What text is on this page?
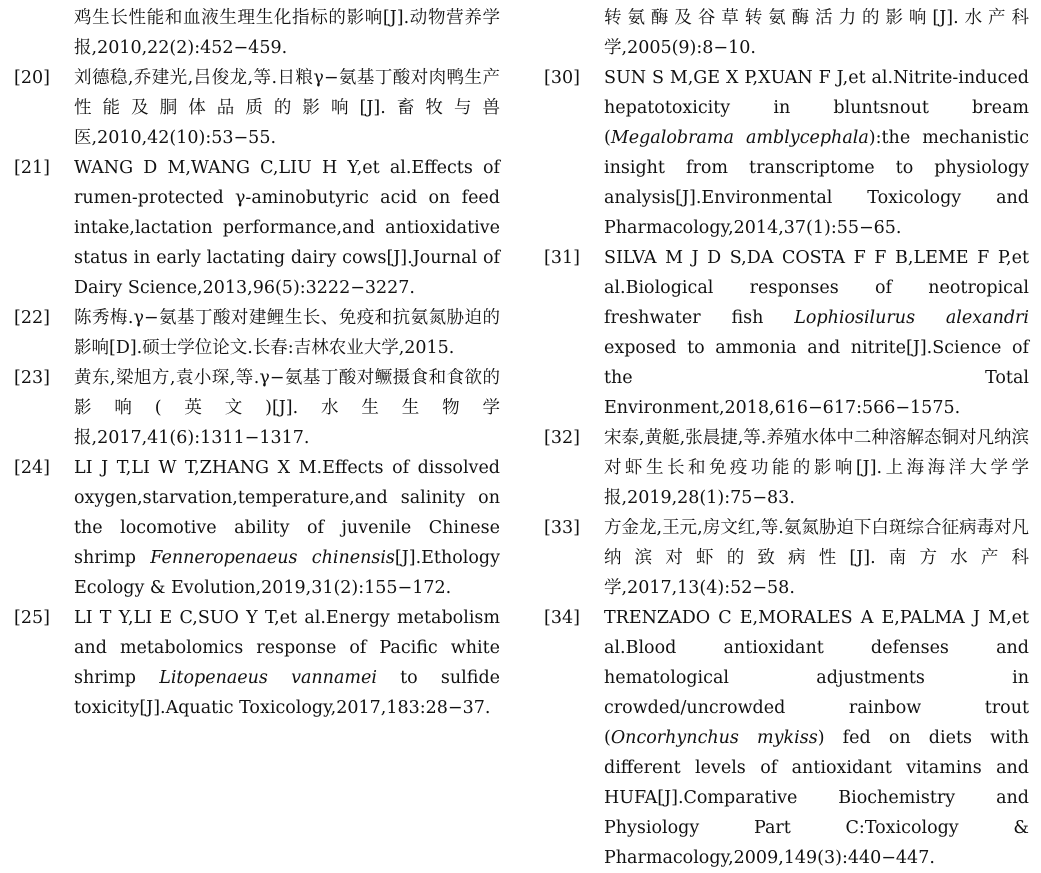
鸡生长性能和血液生理生化指标的影响[J].动物营养学报,2010,22(2):452−459.
[20]	刘德稳,乔建光,吕俊龙,等.日粮γ−氨基丁酸对肉鸭生产性能及胴体品质的影响[J].畜牧与兽医,2010,42(10):53−55.
[21]	WANG D M,WANG C,LIU H Y,et al.Effects of rumen-protected γ-aminobutyric acid on feed intake,lactation performance,and antioxidative status in early lactating dairy cows[J].Journal of Dairy Science,2013,96(5):3222−3227.
[22]	陈秀梅.γ−氨基丁酸对建鲤生长、免疫和抗氨氮胁迫的影响[D].硕士学位论文.长春:吉林农业大学,2015.
[23]	黄东,梁旭方,袁小琛,等.γ−氨基丁酸对鳜摄食和食欲的影响(英文)[J].水生生物学报,2017,41(6):1311−1317.
[24]	LI J T,LI W T,ZHANG X M.Effects of dissolved oxygen,starvation,temperature,and salinity on the locomotive ability of juvenile Chinese shrimp Fenneropenaeus chinensis[J].Ethology Ecology & Evolution,2019,31(2):155−172.
[25]	LI T Y,LI E C,SUO Y T,et al.Energy metabolism and metabolomics response of Pacific white shrimp Litopenaeus vannamei to sulfide toxicity[J].Aquatic Toxicology,2017,183:28−37.
转氨酶及谷草转氨酶活力的影响[J].水产科学,2005(9):8−10.
[30]	SUN S M,GE X P,XUAN F J,et al.Nitrite-induced hepatotoxicity in bluntsnout bream (Megalobrama amblycephala):the mechanistic insight from transcriptome to physiology analysis[J].Environmental Toxicology and Pharmacology,2014,37(1):55−65.
[31]	SILVA M J D S,DA COSTA F F B,LEME F P,et al.Biological responses of neotropical freshwater fish Lophiosilurus alexandri exposed to ammonia and nitrite[J].Science of the Total Environment,2018,616−617:566−1575.
[32]	宋泰,黄艇,张晨捷,等.养殖水体中二种溶解态铜对凡纳滨对虾生长和免疫功能的影响[J].上海海洋大学学报,2019,28(1):75−83.
[33]	方金龙,王元,房文红,等.氨氮胁迫下白斑综合征病毒对凡纳滨对虾的致病性[J].南方水产科学,2017,13(4):52−58.
[34]	TRENZADO C E,MORALES A E,PALMA J M,et al.Blood antioxidant defenses and hematological adjustments in crowded/uncrowded rainbow trout (Oncorhynchus mykiss) fed on diets with different levels of antioxidant vitamins and HUFA[J].Comparative Biochemistry and Physiology Part C:Toxicology & Pharmacology,2009,149(3):440−447.
